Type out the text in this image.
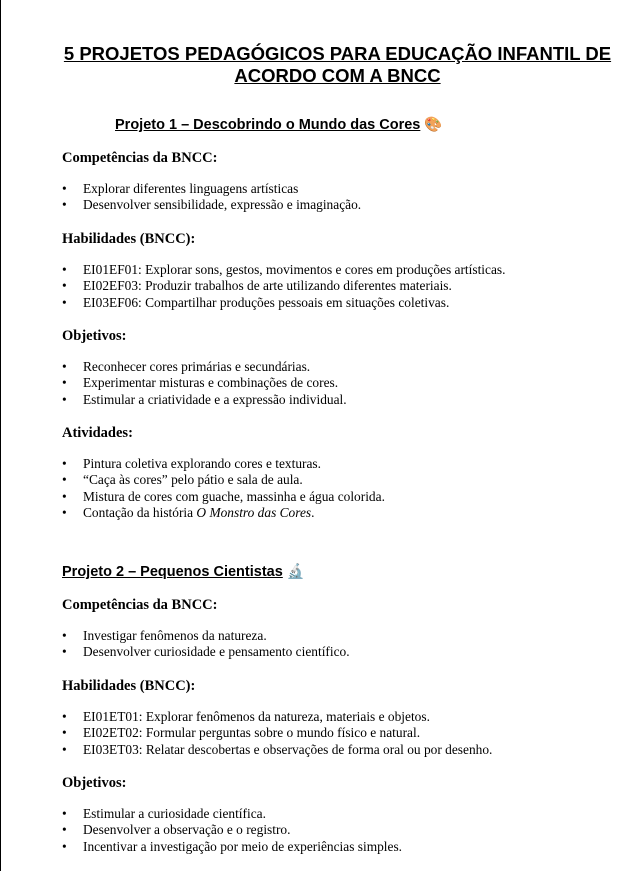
5 PROJETOS PEDAGÓGICOS PARA EDUCAÇÃO INFANTIL DE ACORDO COM A BNCC
Projeto 1 – Descobrindo o Mundo das Cores 🎨
Competências da BNCC:
• Explorar diferentes linguagens artísticas
• Desenvolver sensibilidade, expressão e imaginação.
Habilidades (BNCC):
• EI01EF01: Explorar sons, gestos, movimentos e cores em produções artísticas.
• EI02EF03: Produzir trabalhos de arte utilizando diferentes materiais.
• EI03EF06: Compartilhar produções pessoais em situações coletivas.
Objetivos:
• Reconhecer cores primárias e secundárias.
• Experimentar misturas e combinações de cores.
• Estimular a criatividade e a expressão individual.
Atividades:
• Pintura coletiva explorando cores e texturas.
• “Caça às cores” pelo pátio e sala de aula.
• Mistura de cores com guache, massinha e água colorida.
• Contação da história O Monstro das Cores.
Projeto 2 – Pequenos Cientistas 🔬
Competências da BNCC:
• Investigar fenômenos da natureza.
• Desenvolver curiosidade e pensamento científico.
Habilidades (BNCC):
• EI01ET01: Explorar fenômenos da natureza, materiais e objetos.
• EI02ET02: Formular perguntas sobre o mundo físico e natural.
• EI03ET03: Relatar descobertas e observações de forma oral ou por desenho.
Objetivos:
• Estimular a curiosidade científica.
• Desenvolver a observação e o registro.
• Incentivar a investigação por meio de experiências simples.
